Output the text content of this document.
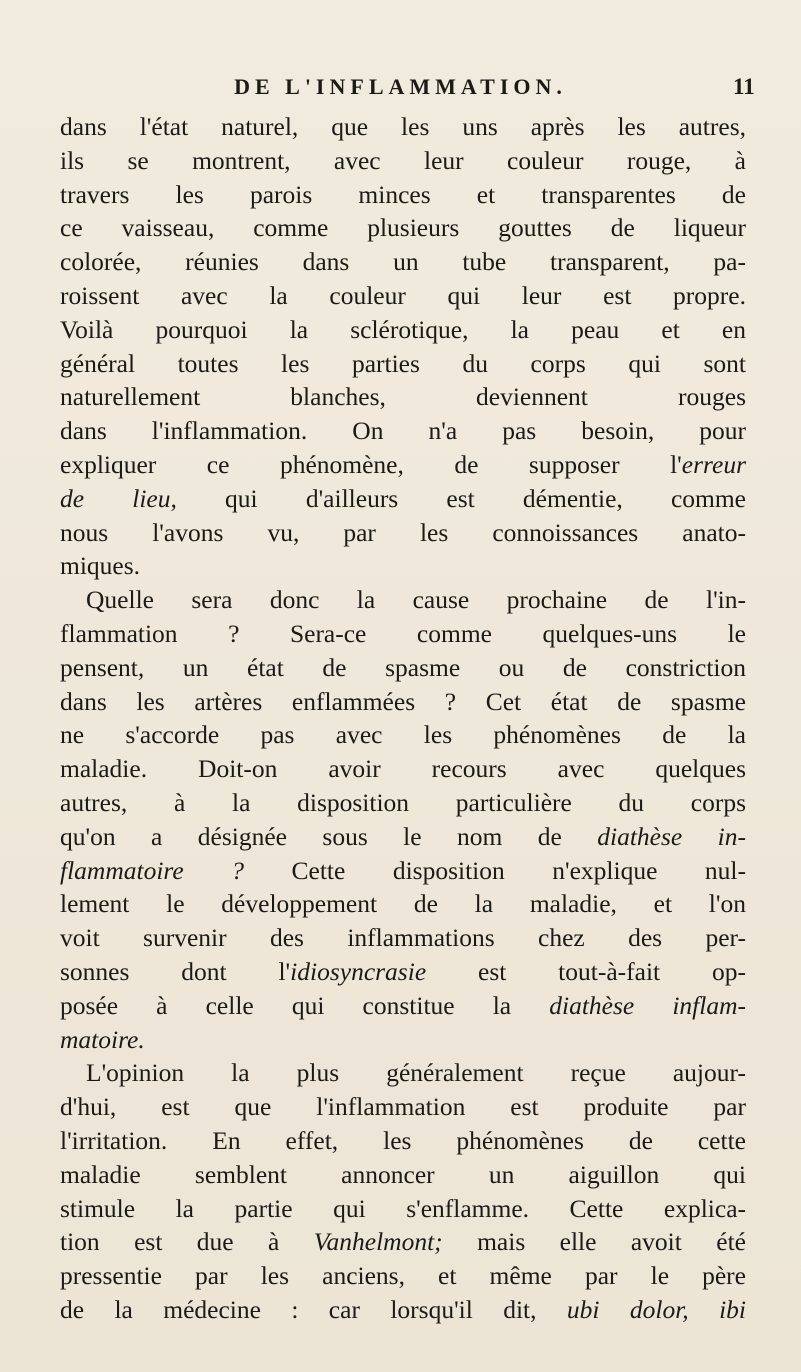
DE L'INFLAMMATION.	11
dans l'état naturel, que les uns après les autres,
ils se montrent, avec leur couleur rouge, à
travers les parois minces et transparentes de
ce vaisseau, comme plusieurs gouttes de liqueur
colorée, réunies dans un tube transparent, pa-
roissent avec la couleur qui leur est propre.
Voilà pourquoi la sclérotique, la peau et en
général toutes les parties du corps qui sont
naturellement blanches, deviennent rouges
dans l'inflammation. On n'a pas besoin, pour
expliquer ce phénomène, de supposer l'erreur
de lieu, qui d'ailleurs est démentie, comme
nous l'avons vu, par les connoissances anato-
miques.
Quelle sera donc la cause prochaine de l'in-
flammation ? Sera-ce comme quelques-uns le
pensent, un état de spasme ou de constriction
dans les artères enflammées ? Cet état de spasme
ne s'accorde pas avec les phénomènes de la
maladie. Doit-on avoir recours avec quelques
autres, à la disposition particulière du corps
qu'on a désignée sous le nom de diathèse in-
flammatoire ? Cette disposition n'explique nul-
lement le développement de la maladie, et l'on
voit survenir des inflammations chez des per-
sonnes dont l'idiosyncrasie est tout-à-fait op-
posée à celle qui constitue la diathèse inflam-
matoire.
L'opinion la plus généralement reçue aujour-
d'hui, est que l'inflammation est produite par
l'irritation. En effet, les phénomènes de cette
maladie semblent annoncer un aiguillon qui
stimule la partie qui s'enflamme. Cette explica-
tion est due à Vanhelmont; mais elle avoit été
pressentie par les anciens, et même par le père
de la médecine : car lorsqu'il dit, ubi dolor, ibi
